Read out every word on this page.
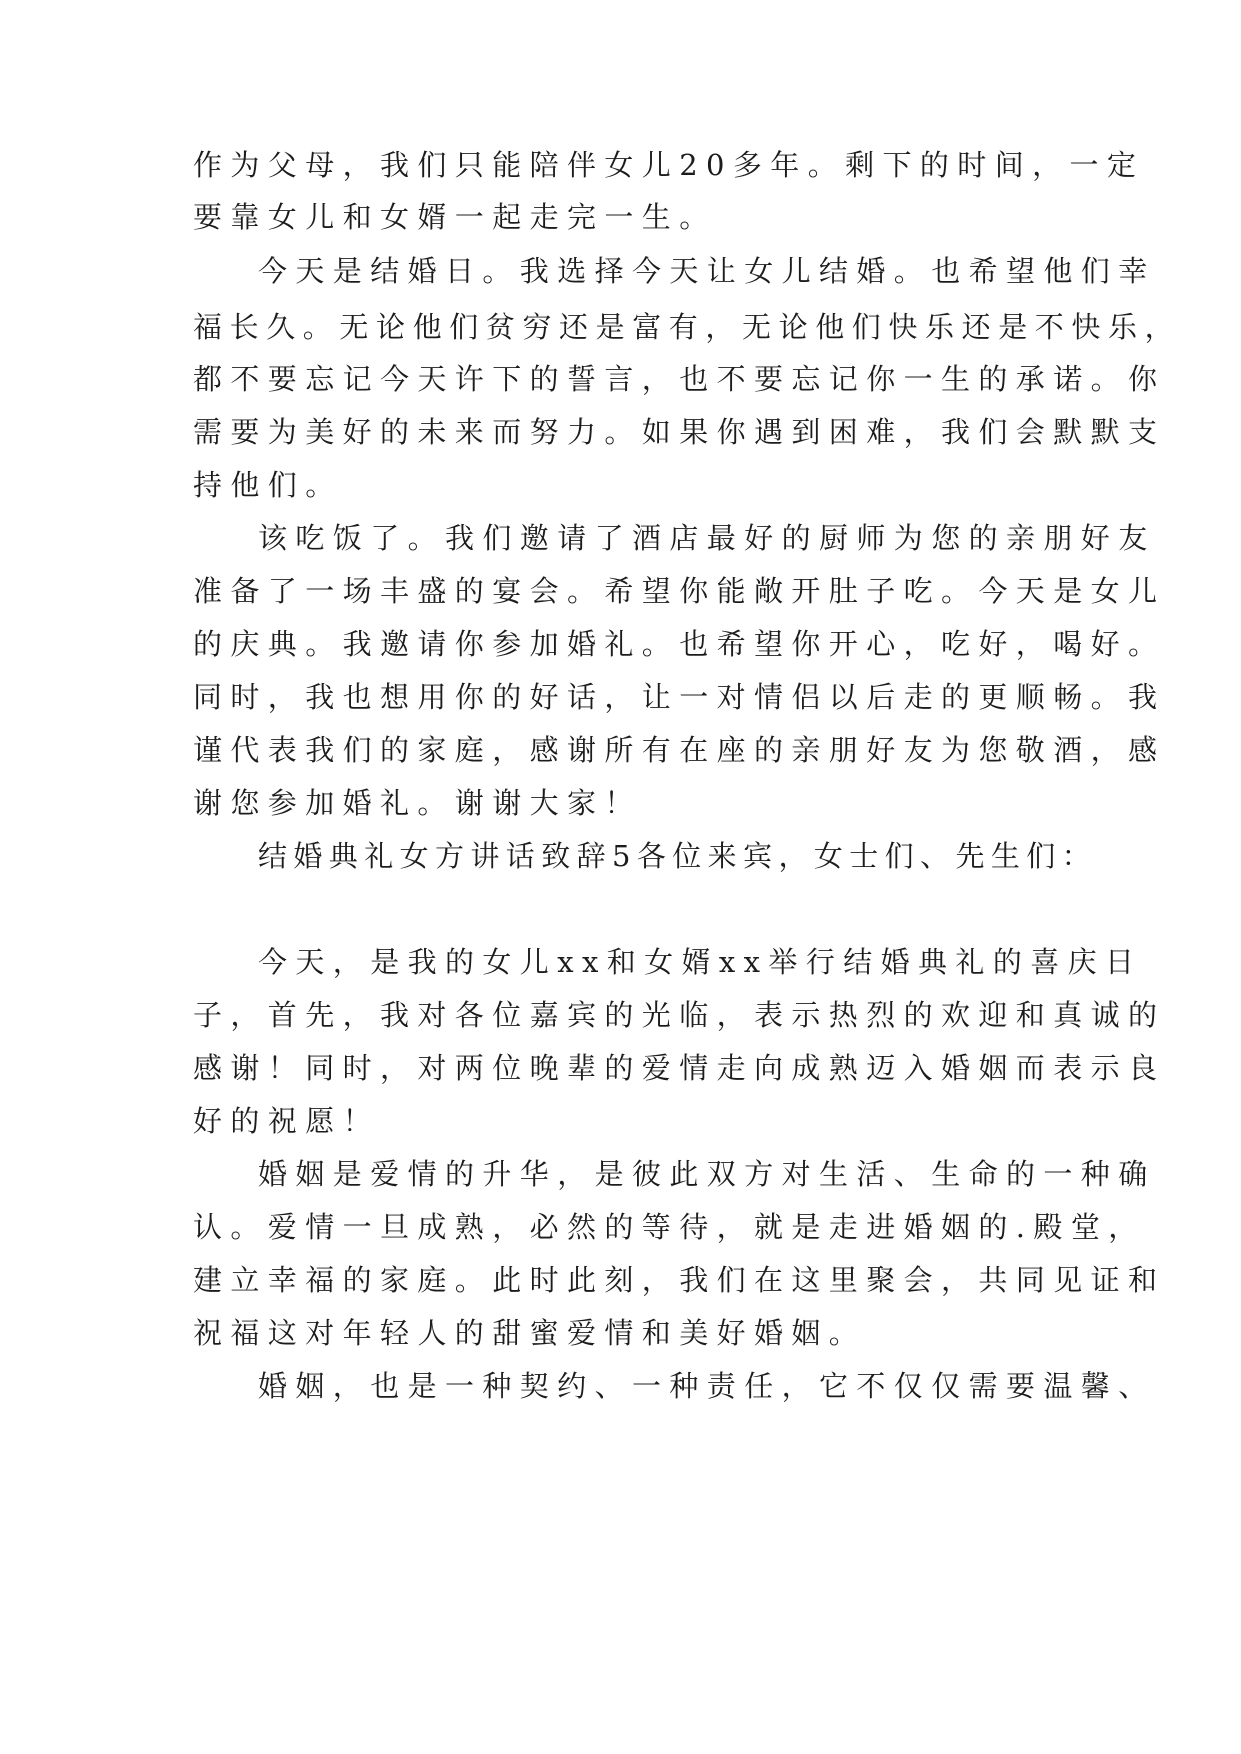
作为父母，我们只能陪伴女儿20多年。剩下的时间，一定
要靠女儿和女婿一起走完一生。
今天是结婚日。我选择今天让女儿结婚。也希望他们幸
福长久。无论他们贫穷还是富有，无论他们快乐还是不快乐，
都不要忘记今天许下的誓言，也不要忘记你一生的承诺。你
需要为美好的未来而努力。如果你遇到困难，我们会默默支
持他们。
该吃饭了。我们邀请了酒店最好的厨师为您的亲朋好友
准备了一场丰盛的宴会。希望你能敞开肚子吃。今天是女儿
的庆典。我邀请你参加婚礼。也希望你开心，吃好，喝好。
同时，我也想用你的好话，让一对情侣以后走的更顺畅。我
谨代表我们的家庭，感谢所有在座的亲朋好友为您敬酒，感
谢您参加婚礼。谢谢大家！
结婚典礼女方讲话致辞5各位来宾，女士们、先生们：
今天，是我的女儿xx和女婿xx举行结婚典礼的喜庆日
子，首先，我对各位嘉宾的光临，表示热烈的欢迎和真诚的
感谢！同时，对两位晚辈的爱情走向成熟迈入婚姻而表示良
好的祝愿！
婚姻是爱情的升华，是彼此双方对生活、生命的一种确
认。爱情一旦成熟，必然的等待，就是走进婚姻的.殿堂，
建立幸福的家庭。此时此刻，我们在这里聚会，共同见证和
祝福这对年轻人的甜蜜爱情和美好婚姻。
婚姻，也是一种契约、一种责任，它不仅仅需要温馨、
